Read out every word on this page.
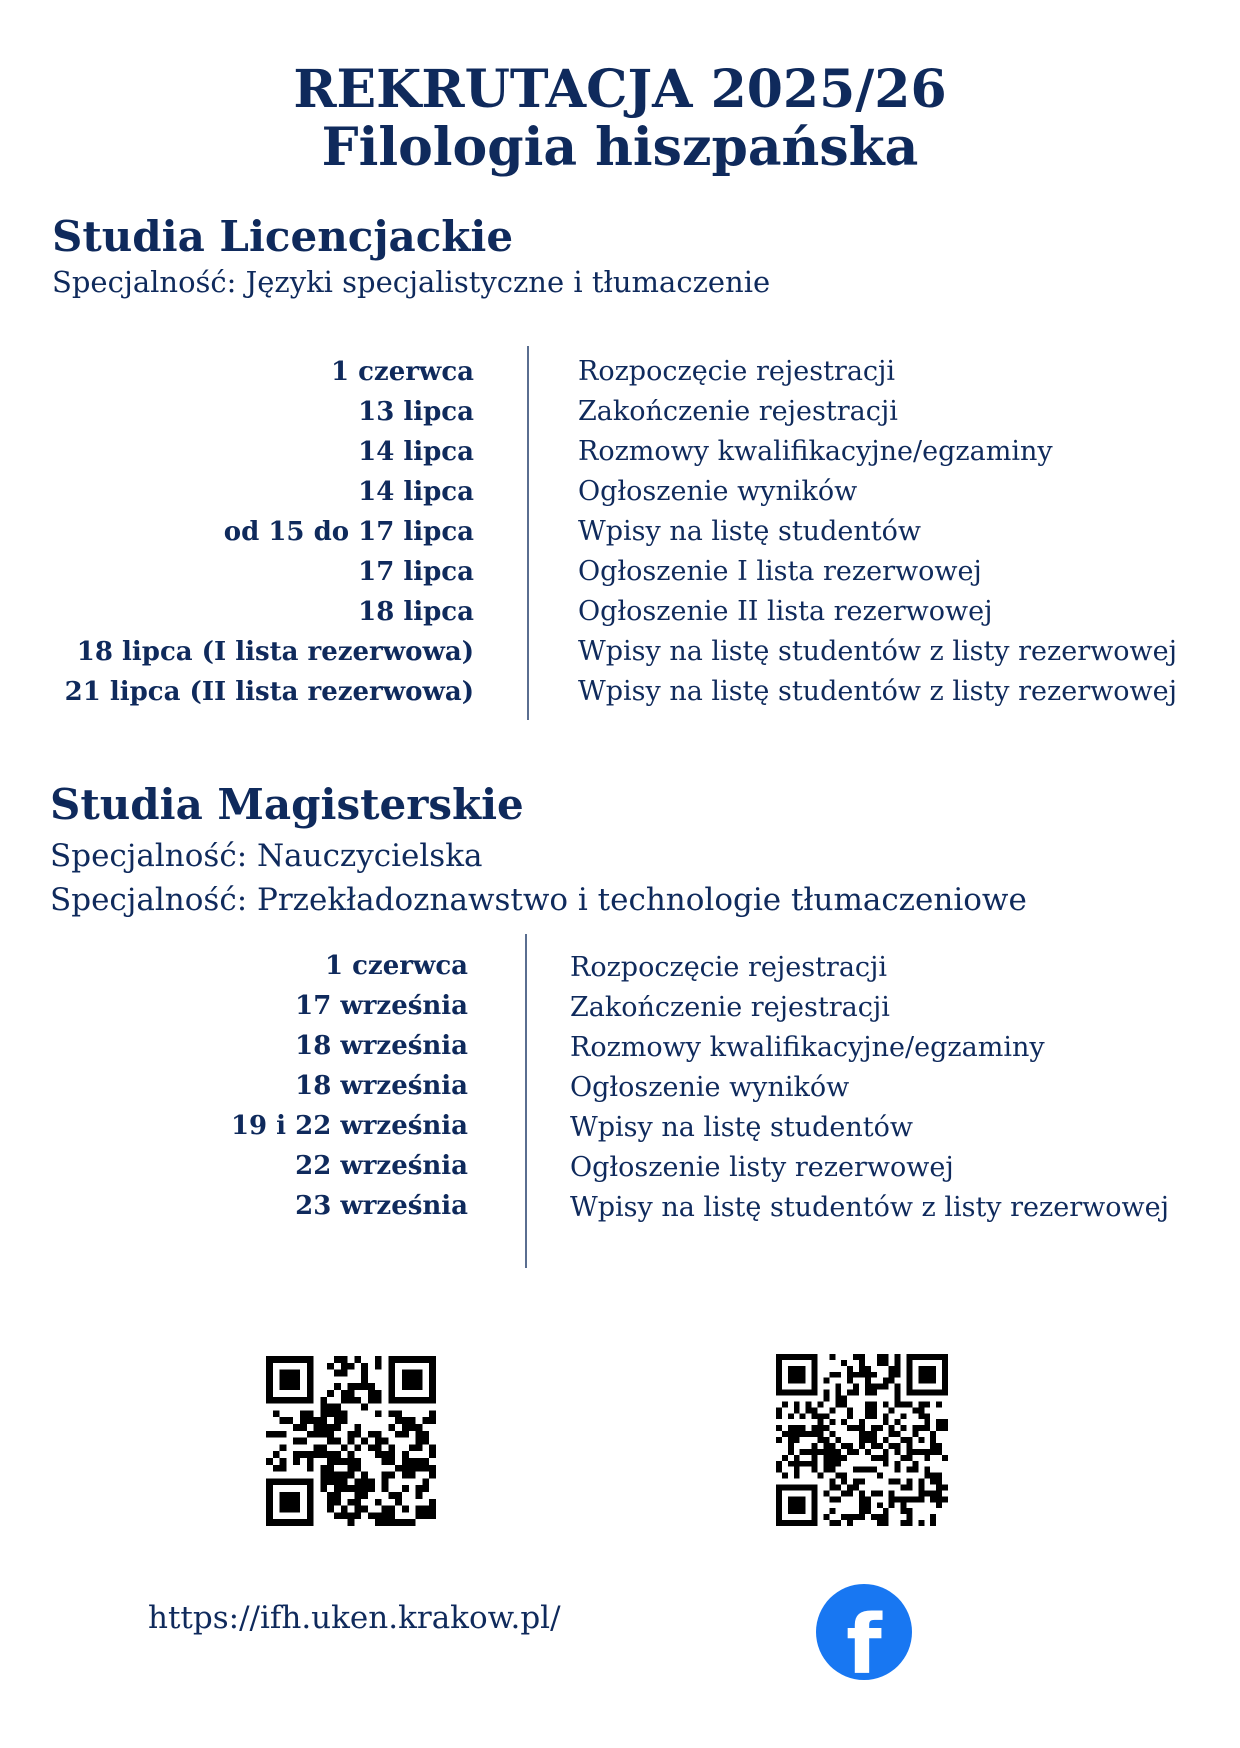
REKRUTACJA 2025/26
Filologia hiszpańska
Studia Licencjackie
Specjalność: Języki specjalistyczne i tłumaczenie
1 czerwca
13 lipca
14 lipca
14 lipca
od 15 do 17 lipca
17 lipca
18 lipca
18 lipca (I lista rezerwowa)
21 lipca (II lista rezerwowa)
Rozpoczęcie rejestracji
Zakończenie rejestracji
Rozmowy kwalifikacyjne/egzaminy
Ogłoszenie wyników
Wpisy na listę studentów
Ogłoszenie I lista rezerwowej
Ogłoszenie II lista rezerwowej
Wpisy na listę studentów z listy rezerwowej
Wpisy na listę studentów z listy rezerwowej
Studia Magisterskie
Specjalność: Nauczycielska
Specjalność: Przekładoznawstwo i technologie tłumaczeniowe
1 czerwca
17 września
18 września
18 września
19 i 22 września
22 września
23 września
Rozpoczęcie rejestracji
Zakończenie rejestracji
Rozmowy kwalifikacyjne/egzaminy
Ogłoszenie wyników
Wpisy na listę studentów
Ogłoszenie listy rezerwowej
Wpisy na listę studentów z listy rezerwowej
https://ifh.uken.krakow.pl/	f
